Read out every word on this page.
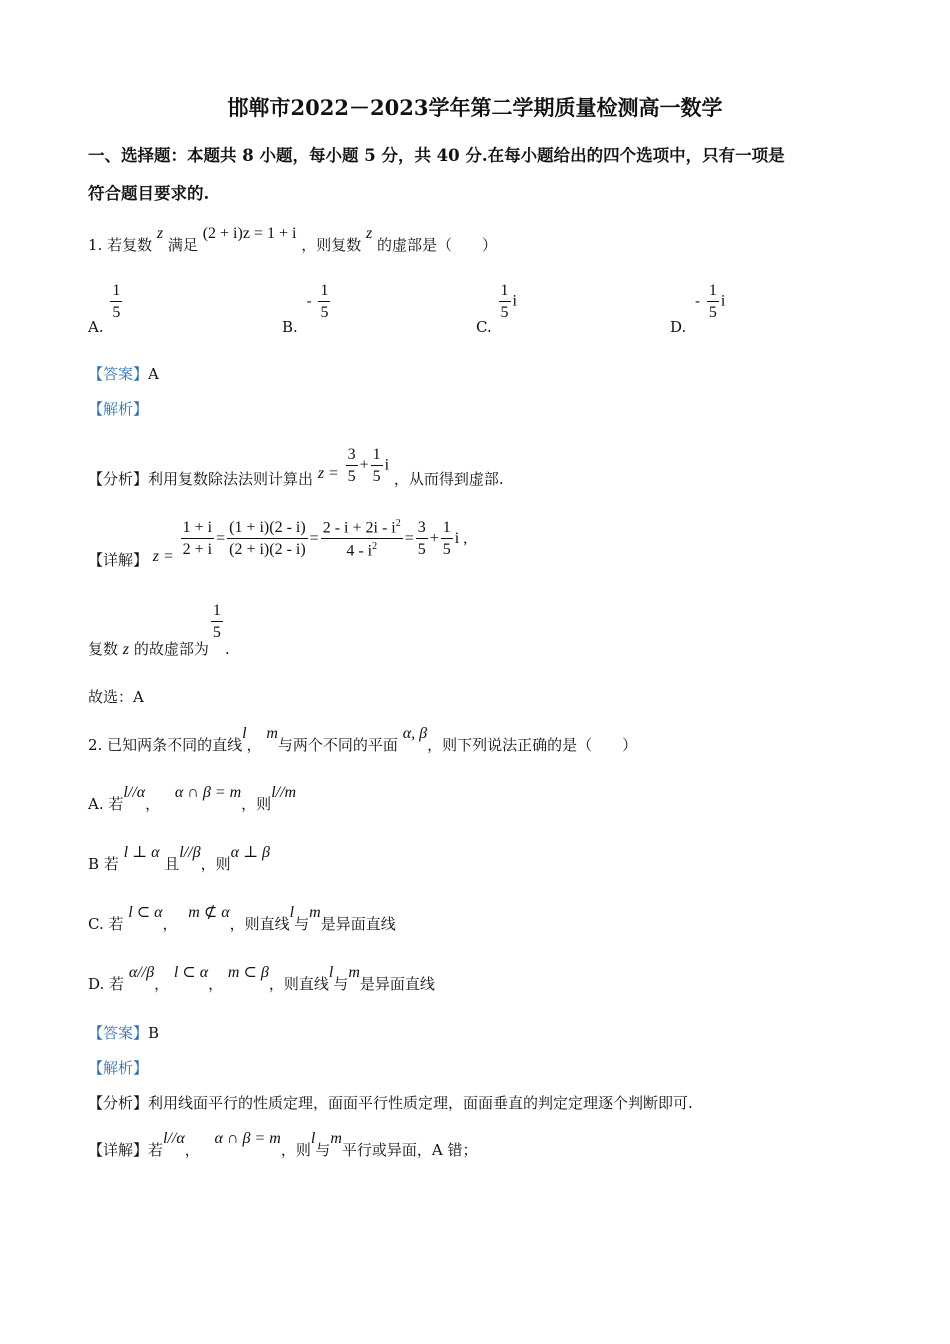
邯郸市2022－2023学年第二学期质量检测高一数学
一、选择题：本题共 8 小题，每小题 5 分，共 40 分.在每小题给出的四个选项中，只有一项是
符合题目要求的.
1. 若复数 z 满足 (2 + i)z = 1 + i ，则复数 z 的虚部是（　　）
A.
$\frac{1}{5}$
B. - $\frac{1}{5}$
C.
$\frac{1}{5}$ i
D. - $\frac{1}{5}$ i
【答案】A
【解析】
【分析】利用复数除法法则计算出 $z = \frac{3}{5} + \frac{1}{5}$ i ，从而得到虚部.
【详解】 $z = \frac{1 + i}{2 + i} = \frac{(1 + i)(2 - i)}{(2 + i)(2 - i)} = \frac{2 - i + 2i - i^2}{4 - i^2} = \frac{3}{5} + \frac{1}{5}$ i ,
复数 z 的故虚部为
$\frac{1}{5}$
.
故选：A
2. 已知两条不同的直线l， m与两个不同的平面 α, β，则下列说法正确的是（　　）
A. 若l//α， α ∩ β = m，则l//m
B 若 l ⊥ α 且l//β，则α ⊥ β
C. 若 l ⊂ α， m ⊄ α，则直线l与m是异面直线
D. 若 α//β， l ⊂ α， m ⊂ β，则直线l与m是异面直线
【答案】B
【解析】
【分析】利用线面平行的性质定理，面面平行性质定理，面面垂直的判定定理逐个判断即可.
【详解】若l//α， α ∩ β = m，则l与m平行或异面，A 错；
